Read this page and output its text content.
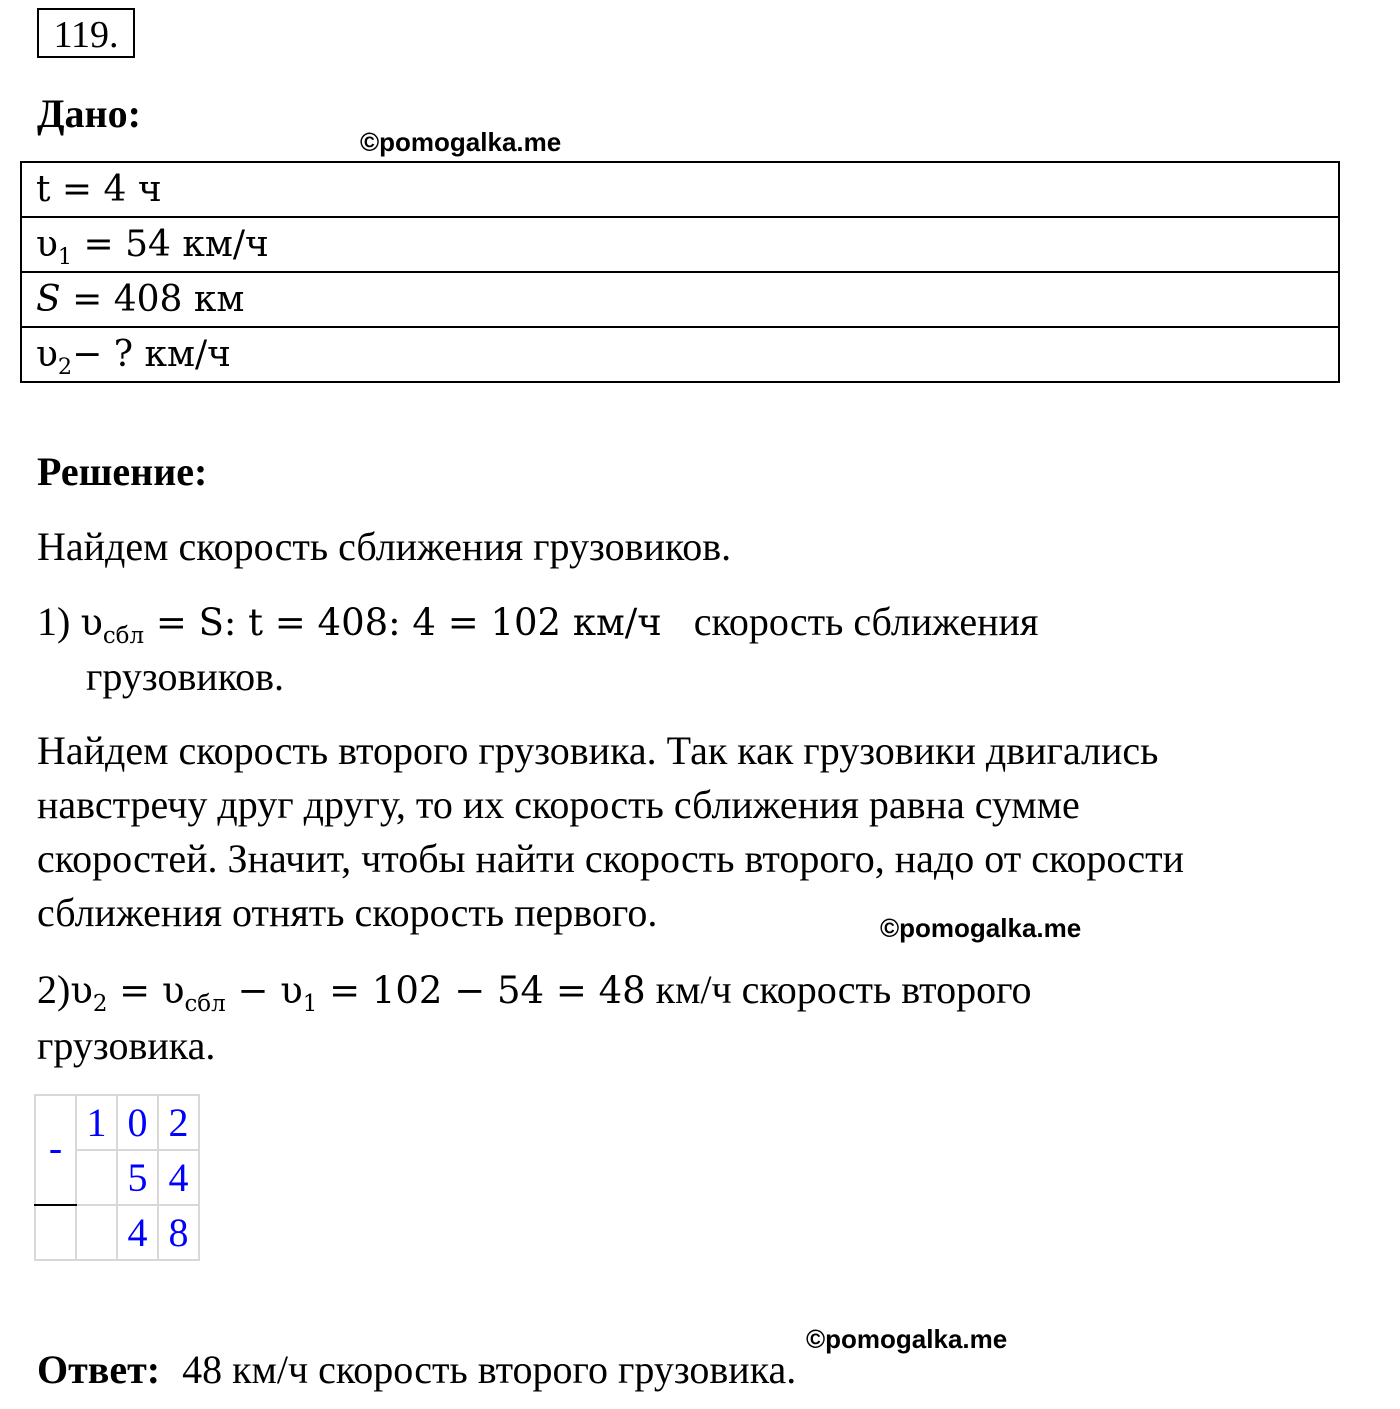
119.
Дано:
©pomogalka.me
t = 4 ч
$\upsilon_1 = 54$ км/ч
S = 408 км
$\upsilon_2-$ ? км/ч
Решение:
Найдем скорость сближения грузовиков.
1) $\upsilon_{сбл} = S$: t = 408: 4 = 102 км/ч скорость сближения
грузовиков.
Найдем скорость второго грузовика. Так как грузовики двигались
навстречу друг другу, то их скорость сближения равна сумме
скоростей. Значит, чтобы найти скорость второго, надо от скорости
сближения отнять скорость первого.	©pomogalka.me
$2)\upsilon_2 = \upsilon_{сбл} - \upsilon_1 = 102 - 54 = 48$ км/ч скорость второго
грузовика.
-	1	0	2
		5	4
		4	8
©pomogalka.me
Ответ: 48 км/ч скорость второго грузовика.
